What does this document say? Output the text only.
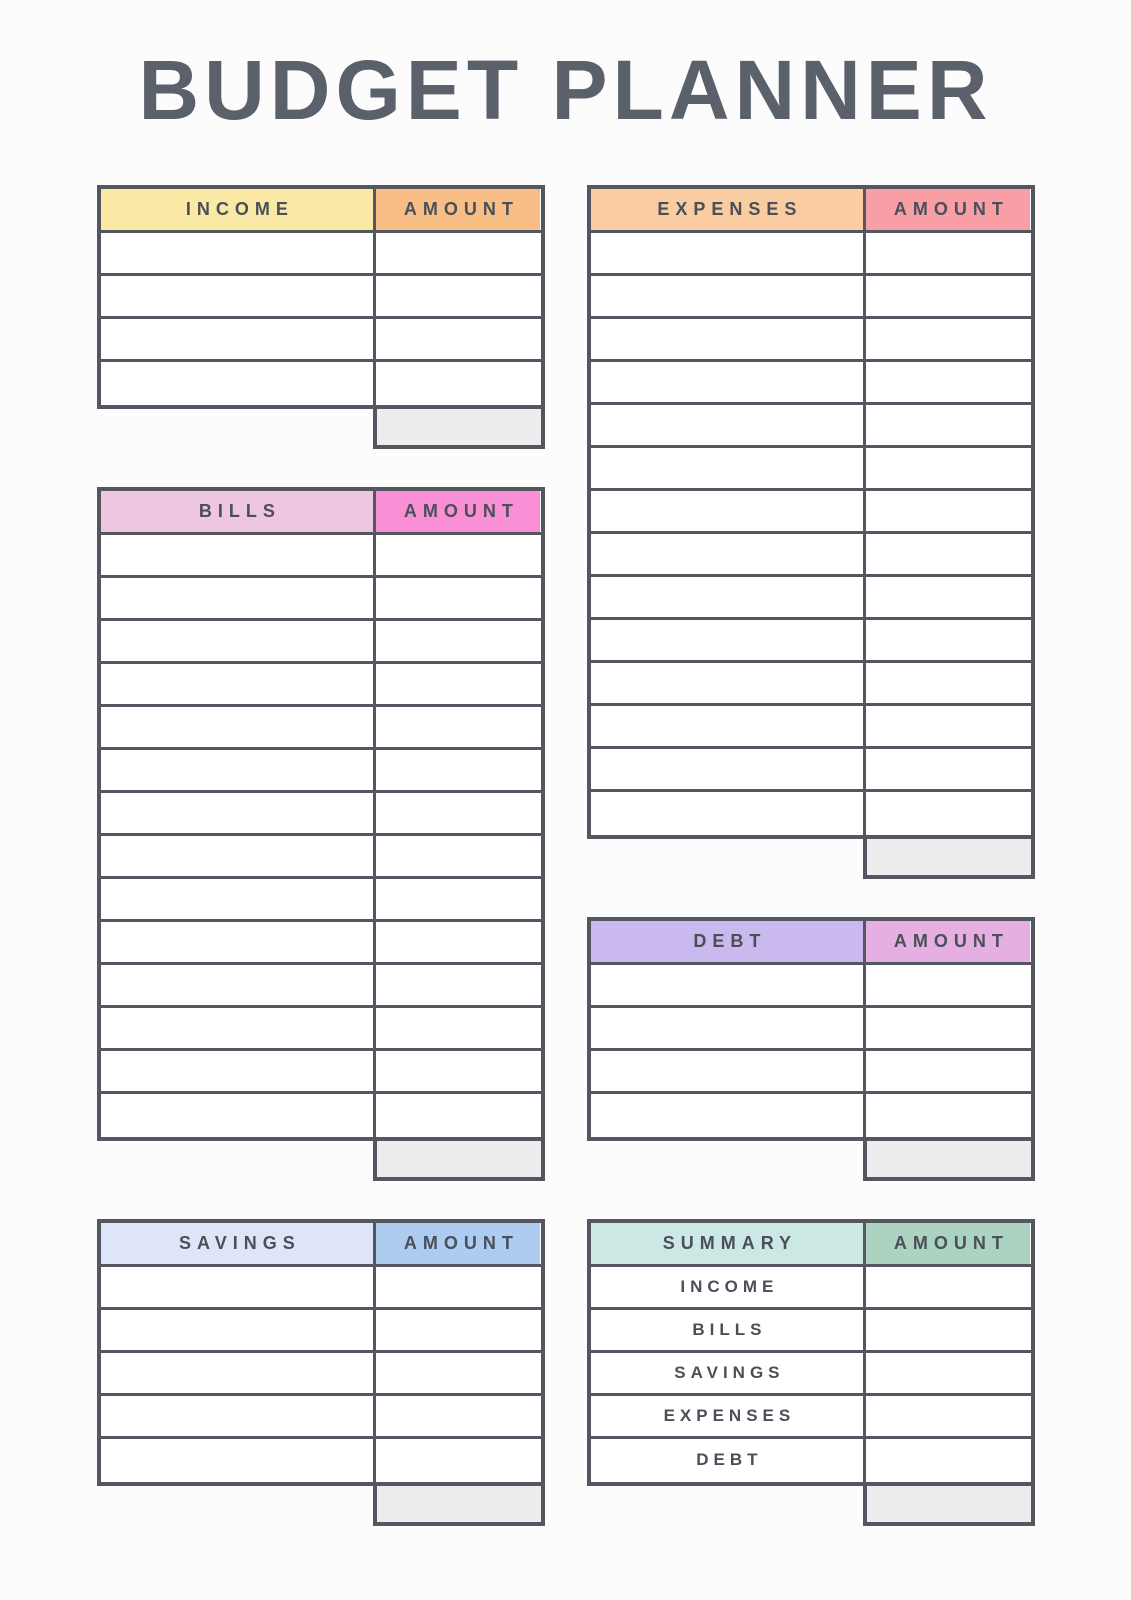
BUDGET PLANNER
INCOME	AMOUNT
BILLS	AMOUNT
SAVINGS	AMOUNT
EXPENSES	AMOUNT
DEBT	AMOUNT
SUMMARY	AMOUNT
INCOME
BILLS
SAVINGS
EXPENSES
DEBT
